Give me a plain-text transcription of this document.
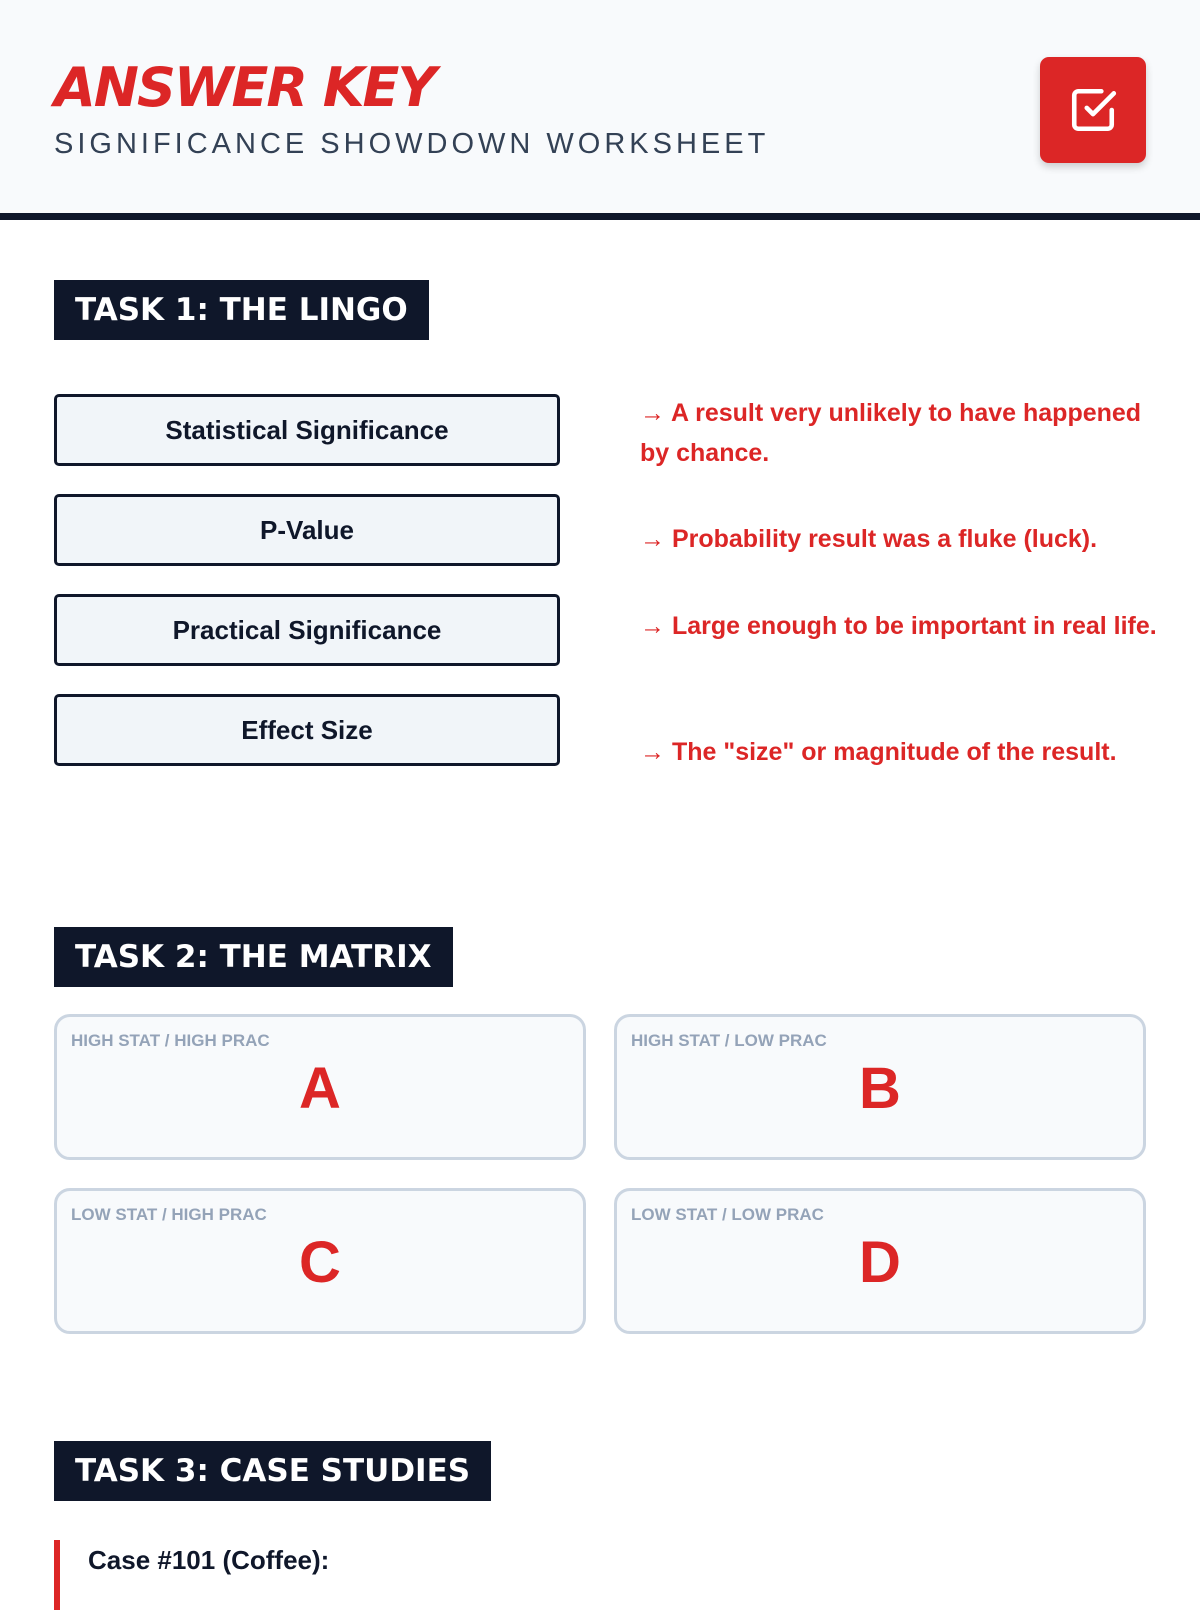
ANSWER KEY
SIGNIFICANCE SHOWDOWN WORKSHEET
TASK 1: THE LINGO
Statistical Significance
→ A result very unlikely to have happened by chance.
P-Value	→ Probability result was a fluke (luck).
Practical Significance	→ Large enough to be important in real life.
Effect Size
→ The "size" or magnitude of the result.
TASK 2: THE MATRIX
HIGH STAT / HIGH PRAC
A
HIGH STAT / LOW PRAC
B
LOW STAT / HIGH PRAC
C
LOW STAT / LOW PRAC
D
TASK 3: CASE STUDIES
Case #101 (Coffee):
